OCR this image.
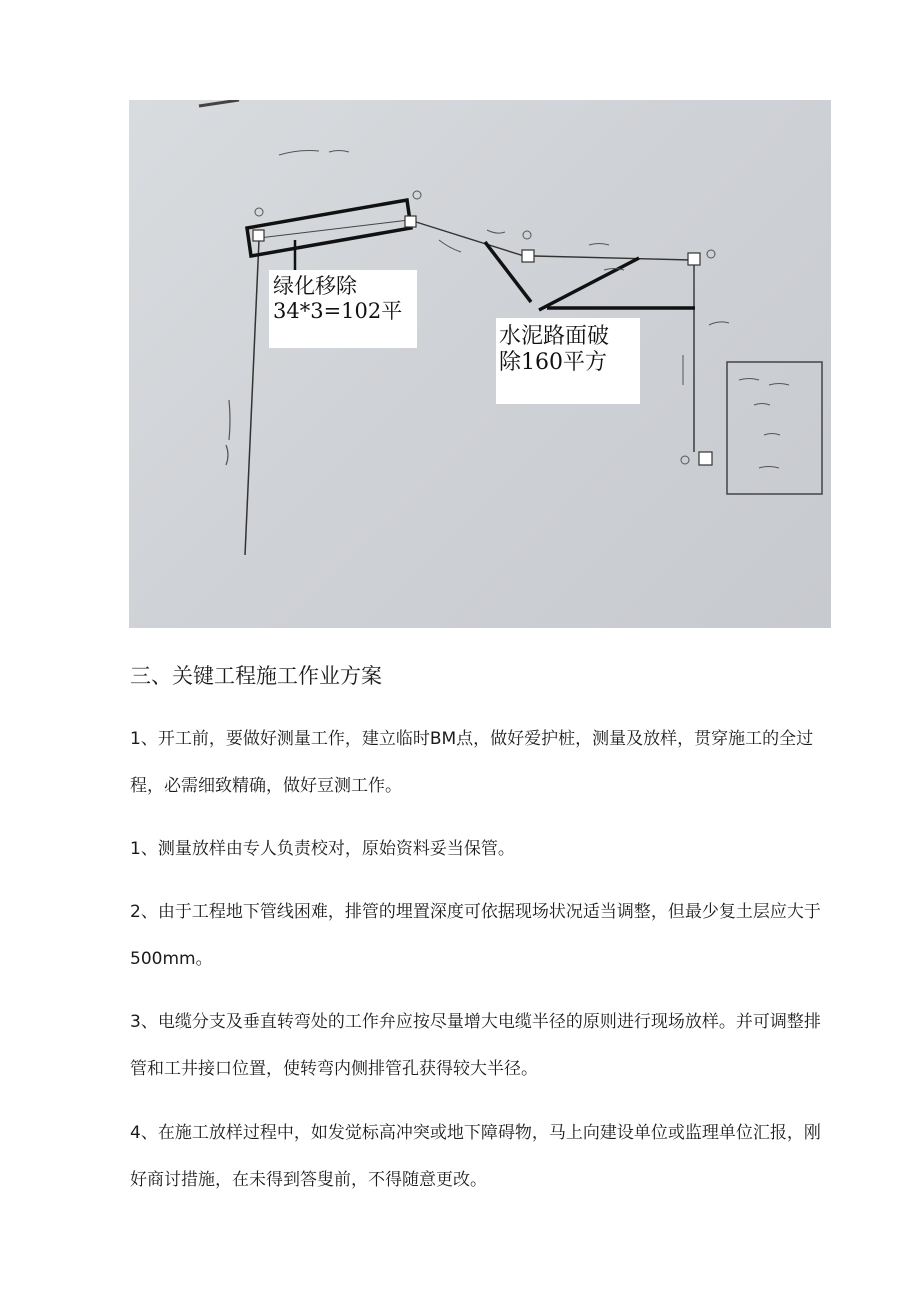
绿化移除
34*3=102平
水泥路面破
除160平方
三、关键工程施工作业方案

1、开工前，要做好测量工作，建立临时BM点，做好爱护桩，测量及放样，贯穿施工的全过程，必需细致精确，做好豆测工作。

1、测量放样由专人负责校对，原始资料妥当保管。

2、由于工程地下管线困难，排管的埋置深度可依据现场状况适当调整，但最少复土层应大于500mm。

3、电缆分支及垂直转弯处的工作弁应按尽量增大电缆半径的原则进行现场放样。并可调整排管和工井接口位置，使转弯内侧排管孔获得较大半径。

4、在施工放样过程中，如发觉标高冲突或地下障碍物，马上向建设单位或监理单位汇报，刚好商讨措施，在未得到答叟前，不得随意更改。
